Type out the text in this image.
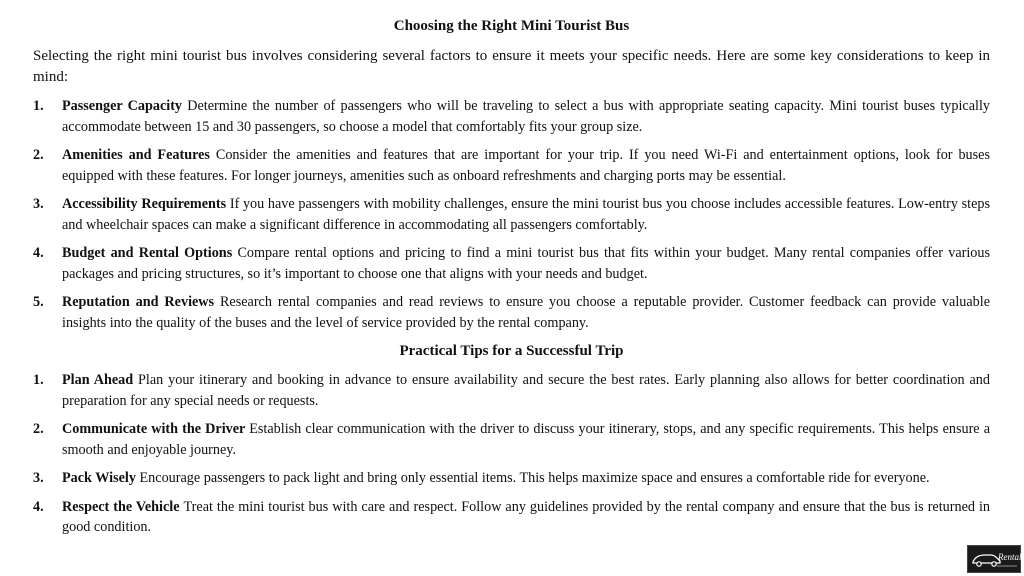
Choosing the Right Mini Tourist Bus
Selecting the right mini tourist bus involves considering several factors to ensure it meets your specific needs. Here are some key considerations to keep in mind:
1. Passenger Capacity Determine the number of passengers who will be traveling to select a bus with appropriate seating capacity. Mini tourist buses typically accommodate between 15 and 30 passengers, so choose a model that comfortably fits your group size.
2. Amenities and Features Consider the amenities and features that are important for your trip. If you need Wi-Fi and entertainment options, look for buses equipped with these features. For longer journeys, amenities such as onboard refreshments and charging ports may be essential.
3. Accessibility Requirements If you have passengers with mobility challenges, ensure the mini tourist bus you choose includes accessible features. Low-entry steps and wheelchair spaces can make a significant difference in accommodating all passengers comfortably.
4. Budget and Rental Options Compare rental options and pricing to find a mini tourist bus that fits within your budget. Many rental companies offer various packages and pricing structures, so it’s important to choose one that aligns with your needs and budget.
5. Reputation and Reviews Research rental companies and read reviews to ensure you choose a reputable provider. Customer feedback can provide valuable insights into the quality of the buses and the level of service provided by the rental company.
Practical Tips for a Successful Trip
1. Plan Ahead Plan your itinerary and booking in advance to ensure availability and secure the best rates. Early planning also allows for better coordination and preparation for any special needs or requests.
2. Communicate with the Driver Establish clear communication with the driver to discuss your itinerary, stops, and any specific requirements. This helps ensure a smooth and enjoyable journey.
3. Pack Wisely Encourage passengers to pack light and bring only essential items. This helps maximize space and ensures a comfortable ride for everyone.
4. Respect the Vehicle Treat the mini tourist bus with care and respect. Follow any guidelines provided by the rental company and ensure that the bus is returned in good condition.
Rental
